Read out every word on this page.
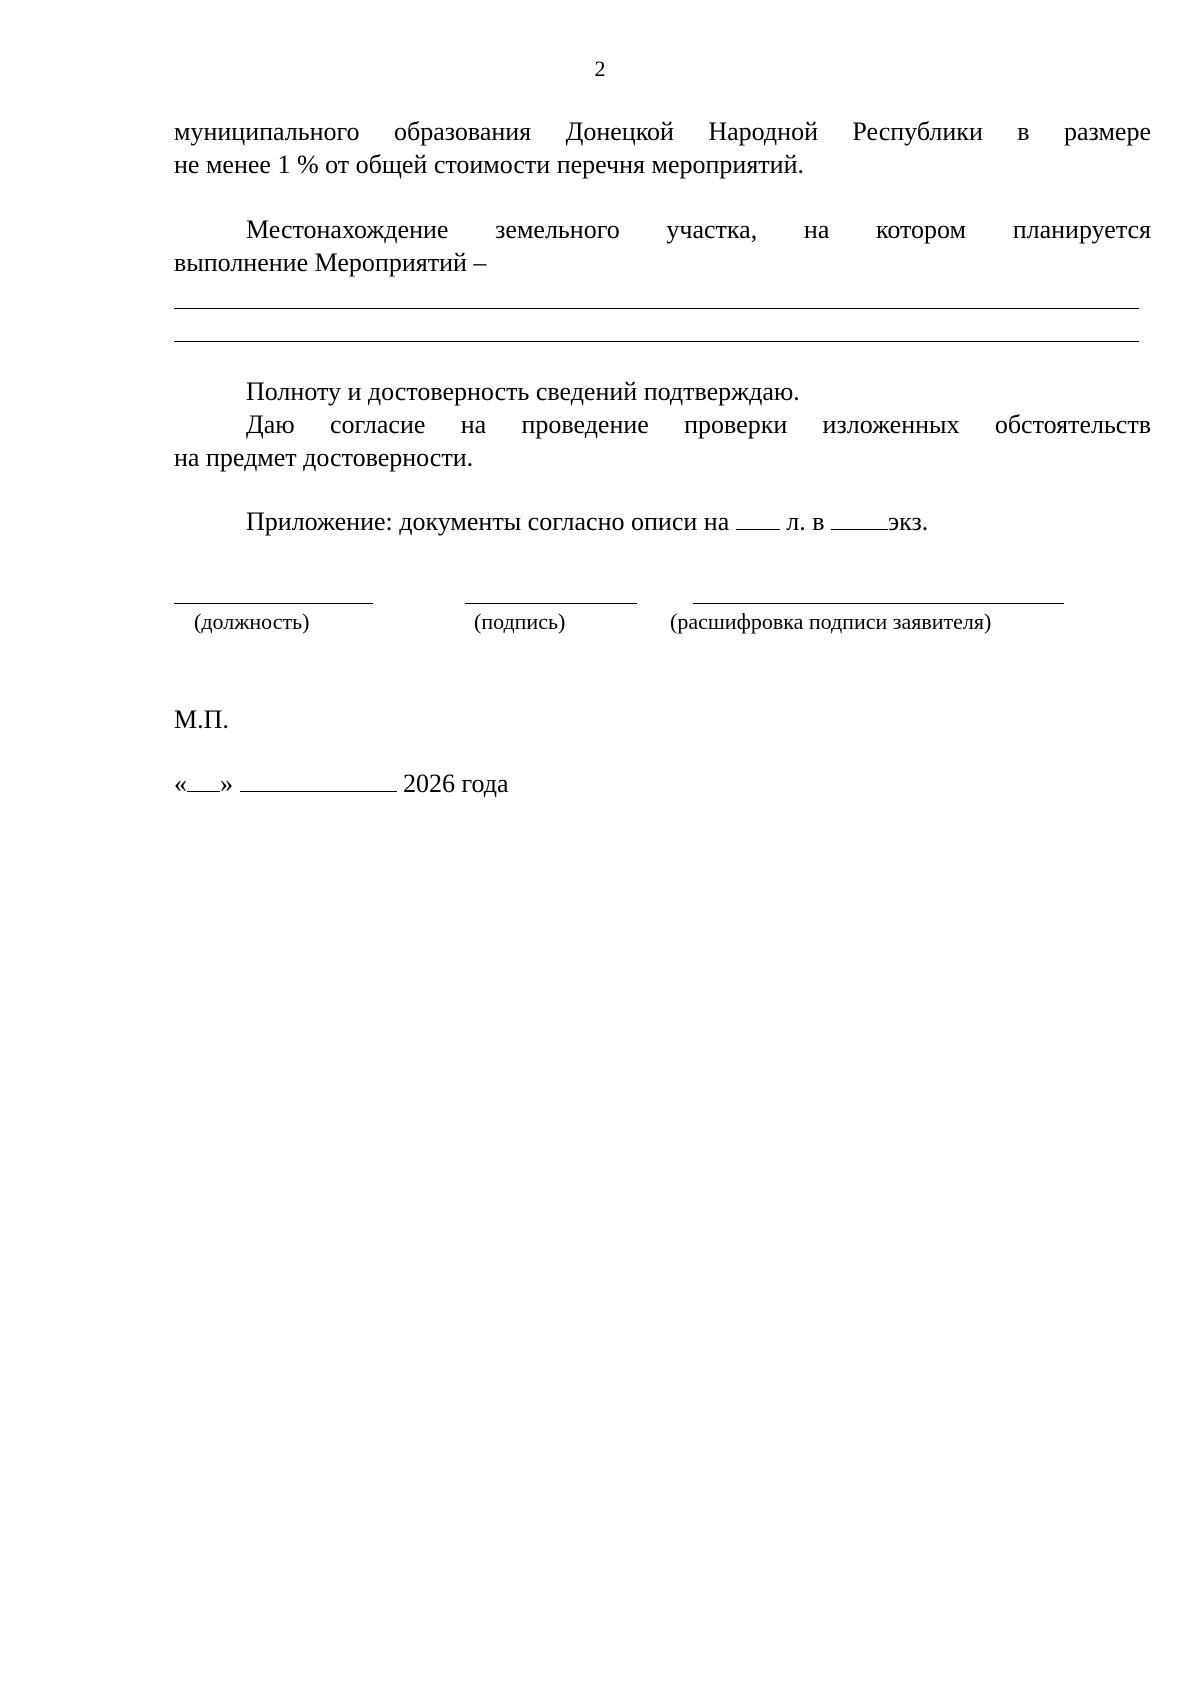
2
муниципального образования Донецкой Народной Республики в размере
не менее 1 % от общей стоимости перечня мероприятий.
Местонахождение земельного участка, на котором планируется
выполнение Мероприятий –
Полноту и достоверность сведений подтверждаю.
Даю согласие на проведение проверки изложенных обстоятельств
на предмет достоверности.
Приложение: документы согласно описи на  л. в экз.
(должность)	(подпись)	(расшифровка подписи заявителя)
М.П.
« »	2026 года
